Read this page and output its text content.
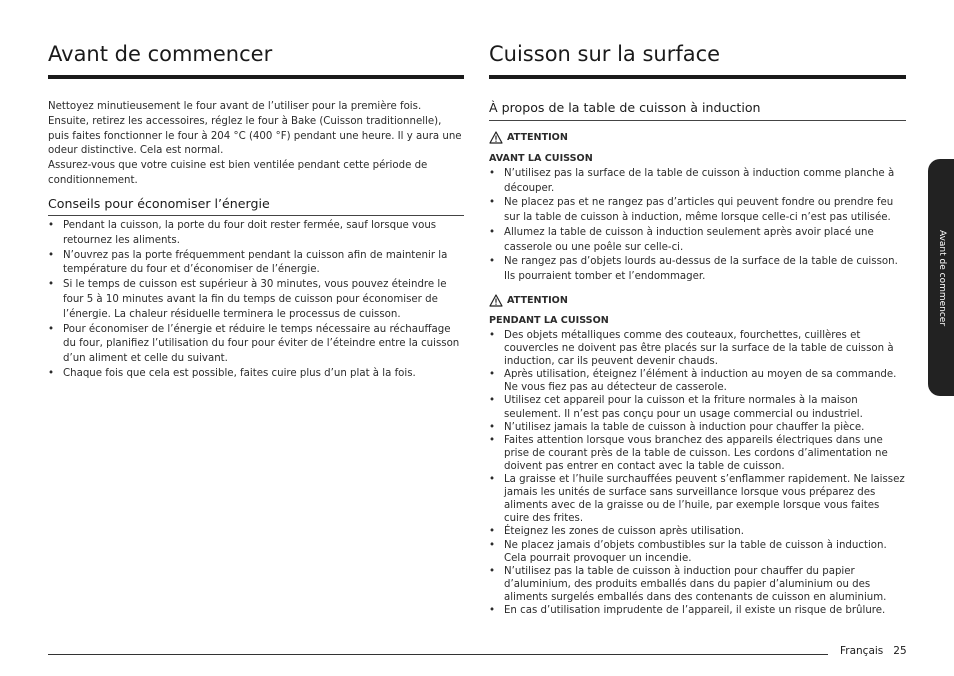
Avant de commencer

Nettoyez minutieusement le four avant de l’utiliser pour la première fois. Ensuite, retirez les accessoires, réglez le four à Bake (Cuisson traditionnelle), puis faites fonctionner le four à 204 °C (400 °F) pendant une heure. Il y aura une odeur distinctive. Cela est normal.

Assurez-vous que votre cuisine est bien ventilée pendant cette période de conditionnement.

Conseils pour économiser l’énergie
• Pendant la cuisson, la porte du four doit rester fermée, sauf lorsque vous retournez les aliments.
• N’ouvrez pas la porte fréquemment pendant la cuisson afin de maintenir la température du four et d’économiser de l’énergie.
• Si le temps de cuisson est supérieur à 30 minutes, vous pouvez éteindre le four 5 à 10 minutes avant la fin du temps de cuisson pour économiser de l’énergie. La chaleur résiduelle terminera le processus de cuisson.
• Pour économiser de l’énergie et réduire le temps nécessaire au réchauffage du four, planifiez l’utilisation du four pour éviter de l’éteindre entre la cuisson d’un aliment et celle du suivant.
• Chaque fois que cela est possible, faites cuire plus d’un plat à la fois.
Cuisson sur la surface
À propos de la table de cuisson à induction
ATTENTION
AVANT LA CUISSON
• N’utilisez pas la surface de la table de cuisson à induction comme planche à découper.
• Ne placez pas et ne rangez pas d’articles qui peuvent fondre ou prendre feu sur la table de cuisson à induction, même lorsque celle-ci n’est pas utilisée.
• Allumez la table de cuisson à induction seulement après avoir placé une casserole ou une poêle sur celle-ci.
• Ne rangez pas d’objets lourds au-dessus de la surface de la table de cuisson. Ils pourraient tomber et l’endommager.
ATTENTION
PENDANT LA CUISSON
• Des objets métalliques comme des couteaux, fourchettes, cuillères et couvercles ne doivent pas être placés sur la surface de la table de cuisson à induction, car ils peuvent devenir chauds.
• Après utilisation, éteignez l’élément à induction au moyen de sa commande. Ne vous fiez pas au détecteur de casserole.
• Utilisez cet appareil pour la cuisson et la friture normales à la maison seulement. Il n’est pas conçu pour un usage commercial ou industriel.
• N’utilisez jamais la table de cuisson à induction pour chauffer la pièce.
• Faites attention lorsque vous branchez des appareils électriques dans une prise de courant près de la table de cuisson. Les cordons d’alimentation ne doivent pas entrer en contact avec la table de cuisson.
• La graisse et l’huile surchauffées peuvent s’enflammer rapidement. Ne laissez jamais les unités de surface sans surveillance lorsque vous préparez des aliments avec de la graisse ou de l’huile, par exemple lorsque vous faites cuire des frites.
• Éteignez les zones de cuisson après utilisation.
• Ne placez jamais d’objets combustibles sur la table de cuisson à induction. Cela pourrait provoquer un incendie.
• N’utilisez pas la table de cuisson à induction pour chauffer du papier d’aluminium, des produits emballés dans du papier d’aluminium ou des aliments surgelés emballés dans des contenants de cuisson en aluminium.
• En cas d’utilisation imprudente de l’appareil, il existe un risque de brûlure.
Avant de commencer
Français 25
